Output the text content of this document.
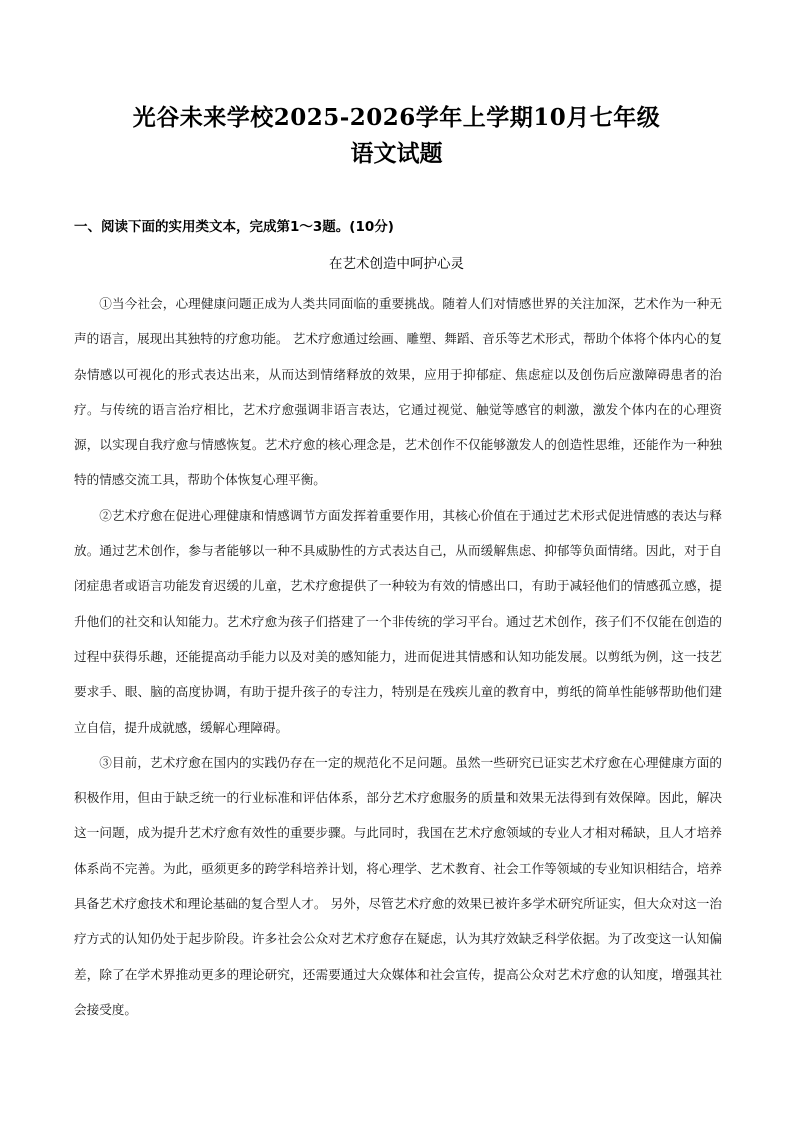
光谷未来学校2025-2026学年上学期10月七年级
语文试题
一、阅读下面的实用类文本，完成第1～3题。(10分)
在艺术创造中呵护心灵

①当今社会，心理健康问题正成为人类共同面临的重要挑战。随着人们对情感世界的关注加深，艺术作为一种无声的语言，展现出其独特的疗愈功能。 艺术疗愈通过绘画、雕塑、舞蹈、音乐等艺术形式，帮助个体将个体内心的复杂情感以可视化的形式表达出来，从而达到情绪释放的效果，应用于抑郁症、焦虑症以及创伤后应激障碍患者的治疗。与传统的语言治疗相比，艺术疗愈强调非语言表达，它通过视觉、触觉等感官的刺激，激发个体内在的心理资源，以实现自我疗愈与情感恢复。艺术疗愈的核心理念是，艺术创作不仅能够激发人的创造性思维，还能作为一种独特的情感交流工具，帮助个体恢复心理平衡。

②艺术疗愈在促进心理健康和情感调节方面发挥着重要作用，其核心价值在于通过艺术形式促进情感的表达与释放。通过艺术创作，参与者能够以一种不具威胁性的方式表达自己，从而缓解焦虑、抑郁等负面情绪。因此，对于自闭症患者或语言功能发育迟缓的儿童，艺术疗愈提供了一种较为有效的情感出口，有助于减轻他们的情感孤立感，提升他们的社交和认知能力。艺术疗愈为孩子们搭建了一个非传统的学习平台。通过艺术创作，孩子们不仅能在创造的过程中获得乐趣，还能提高动手能力以及对美的感知能力，进而促进其情感和认知功能发展。以剪纸为例，这一技艺要求手、眼、脑的高度协调，有助于提升孩子的专注力，特别是在残疾儿童的教育中，剪纸的简单性能够帮助他们建立自信，提升成就感，缓解心理障碍。

③目前，艺术疗愈在国内的实践仍存在一定的规范化不足问题。虽然一些研究已证实艺术疗愈在心理健康方面的积极作用，但由于缺乏统一的行业标准和评估体系，部分艺术疗愈服务的质量和效果无法得到有效保障。因此，解决这一问题，成为提升艺术疗愈有效性的重要步骤。与此同时，我国在艺术疗愈领域的专业人才相对稀缺，且人才培养体系尚不完善。为此，亟须更多的跨学科培养计划，将心理学、艺术教育、社会工作等领域的专业知识相结合，培养具备艺术疗愈技术和理论基础的复合型人才。 另外，尽管艺术疗愈的效果已被许多学术研究所证实，但大众对这一治疗方式的认知仍处于起步阶段。许多社会公众对艺术疗愈存在疑虑，认为其疗效缺乏科学依据。为了改变这一认知偏差，除了在学术界推动更多的理论研究，还需要通过大众媒体和社会宣传，提高公众对艺术疗愈的认知度，增强其社会接受度。
